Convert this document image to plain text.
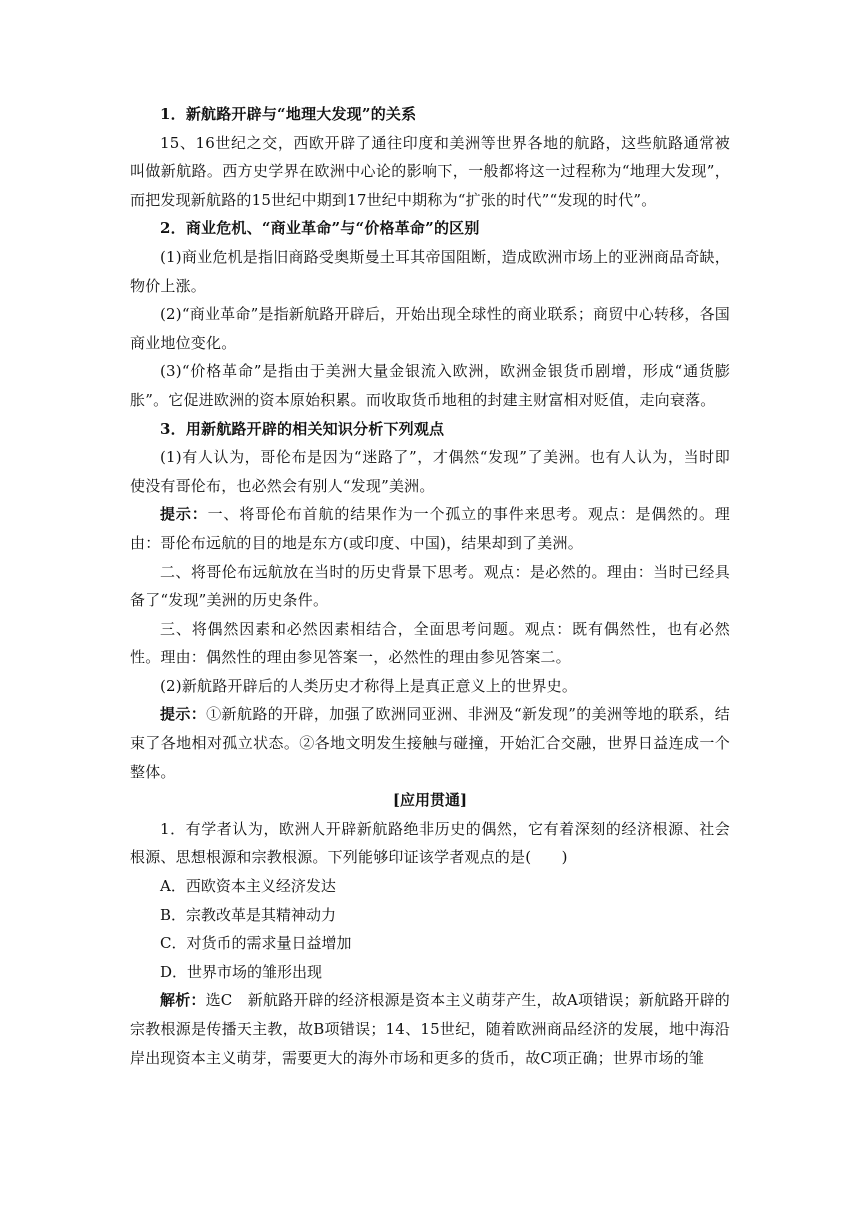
1．新航路开辟与“地理大发现”的关系

15、16世纪之交，西欧开辟了通往印度和美洲等世界各地的航路，这些航路通常被叫做新航路。西方史学界在欧洲中心论的影响下，一般都将这一过程称为“地理大发现”，而把发现新航路的15世纪中期到17世纪中期称为“扩张的时代”“发现的时代”。

2．商业危机、“商业革命”与“价格革命”的区别

(1)商业危机是指旧商路受奥斯曼土耳其帝国阻断，造成欧洲市场上的亚洲商品奇缺，物价上涨。

(2)“商业革命”是指新航路开辟后，开始出现全球性的商业联系；商贸中心转移，各国商业地位变化。

(3)“价格革命”是指由于美洲大量金银流入欧洲，欧洲金银货币剧增，形成“通货膨胀”。它促进欧洲的资本原始积累。而收取货币地租的封建主财富相对贬值，走向衰落。

3．用新航路开辟的相关知识分析下列观点

(1)有人认为，哥伦布是因为“迷路了”，才偶然“发现”了美洲。也有人认为，当时即使没有哥伦布，也必然会有别人“发现”美洲。

提示：一、将哥伦布首航的结果作为一个孤立的事件来思考。观点：是偶然的。理由：哥伦布远航的目的地是东方(或印度、中国)，结果却到了美洲。

二、将哥伦布远航放在当时的历史背景下思考。观点：是必然的。理由：当时已经具备了“发现”美洲的历史条件。

三、将偶然因素和必然因素相结合，全面思考问题。观点：既有偶然性，也有必然性。理由：偶然性的理由参见答案一，必然性的理由参见答案二。

(2)新航路开辟后的人类历史才称得上是真正意义上的世界史。

提示：①新航路的开辟，加强了欧洲同亚洲、非洲及“新发现”的美洲等地的联系，结束了各地相对孤立状态。②各地文明发生接触与碰撞，开始汇合交融，世界日益连成一个整体。

[应用贯通]

1．有学者认为，欧洲人开辟新航路绝非历史的偶然，它有着深刻的经济根源、社会根源、思想根源和宗教根源。下列能够印证该学者观点的是(　　)

A．西欧资本主义经济发达

B．宗教改革是其精神动力

C．对货币的需求量日益增加

D．世界市场的雏形出现

解析：选C　新航路开辟的经济根源是资本主义萌芽产生，故A项错误；新航路开辟的宗教根源是传播天主教，故B项错误；14、15世纪，随着欧洲商品经济的发展，地中海沿岸出现资本主义萌芽，需要更大的海外市场和更多的货币，故C项正确；世界市场的雏
